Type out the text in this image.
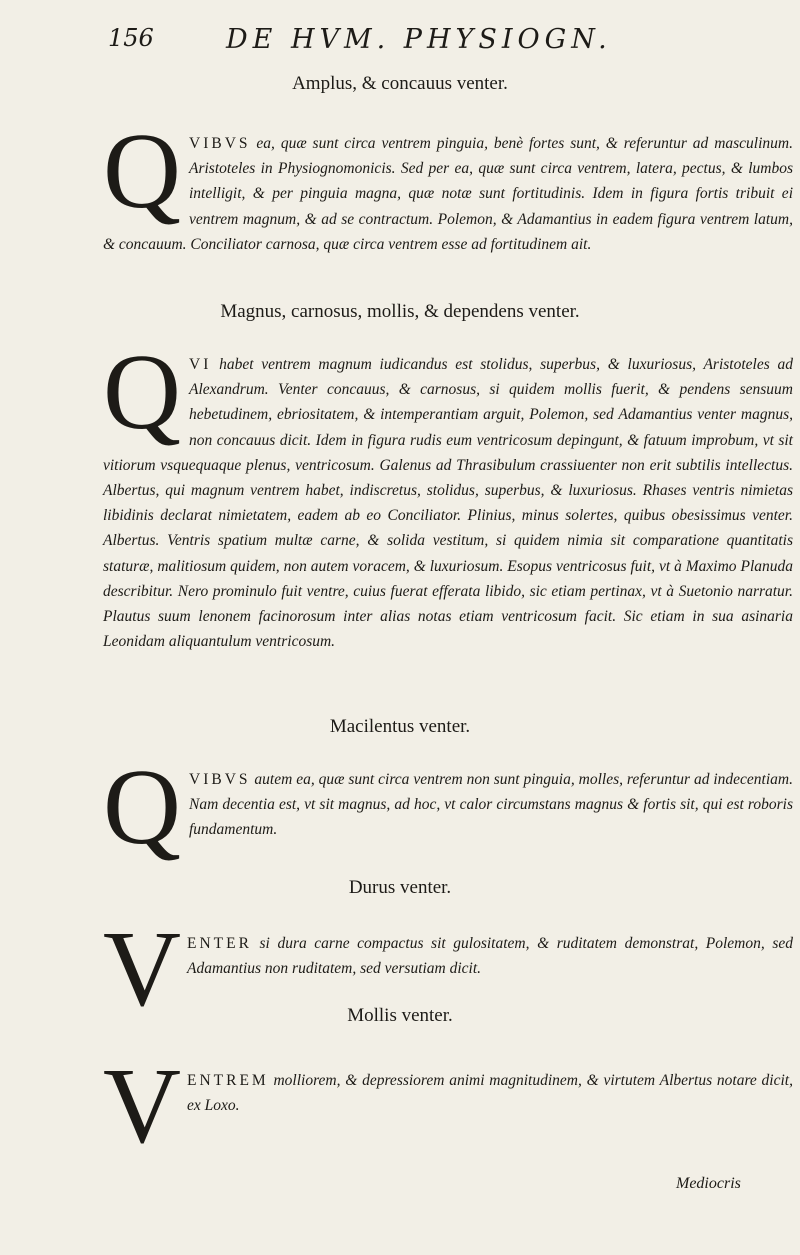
156	DE HVM. PHYSIOGN.
Amplus, & concauus venter.
QVIBVS ea, quæ sunt circa ventrem pinguia, benè fortes sunt, & referuntur ad masculinum. Aristoteles in Physiognomonicis. Sed per ea, quæ sunt circa ventrem, latera, pectus, & lumbos intelligit, & per pinguia magna, quæ notæ sunt fortitudinis. Idem in figura fortis tribuit ei ventrem magnum, & ad se contractum. Polemon, & Adamantius in eadem figura ventrem latum, & concauum. Conciliator carnosa, quæ circa ventrem esse ad fortitudinem ait.
Magnus, carnosus, mollis, & dependens venter.
QVI habet ventrem magnum iudicandus est stolidus, superbus, & luxuriosus, Aristoteles ad Alexandrum. Venter concauus, & carnosus, si quidem mollis fuerit, & pendens sensuum hebetudinem, ebriositatem, & intemperantiam arguit, Polemon, sed Adamantius venter magnus, non concauus dicit. Idem in figura rudis eum ventricosum depingunt, & fatuum improbum, vt sit vitiorum vsquequaque plenus, ventricosum. Galenus ad Thrasibulum crassiuenter non erit subtilis intellectus. Albertus, qui magnum ventrem habet, indiscretus, stolidus, superbus, & luxuriosus. Rhases ventris nimietas libidinis declarat nimietatem, eadem ab eo Conciliator. Plinius, minus solertes, quibus obesissimus venter. Albertus. Ventris spatium multæ carne, & solida vestitum, si quidem nimia sit comparatione quantitatis staturæ, malitiosum quidem, non autem voracem, & luxuriosum. Esopus ventricosus fuit, vt à Maximo Planuda describitur. Nero prominulo fuit ventre, cuius fuerat efferata libido, sic etiam pertinax, vt à Suetonio narratur. Plautus suum lenonem facinorosum inter alias notas etiam ventricosum facit. Sic etiam in sua asinaria Leonidam aliquantulum ventricosum.
Macilentus venter.
QVIBVS autem ea, quæ sunt circa ventrem non sunt pinguia, molles, referuntur ad indecentiam. Nam decentia est, vt sit magnus, ad hoc, vt calor circumstans magnus & fortis sit, qui est roboris fundamentum.
Durus venter.
VENTER si dura carne compactus sit gulositatem, & ruditatem demonstrat, Polemon, sed Adamantius non ruditatem, sed versutiam dicit.
Mollis venter.
VENTREM molliorem, & depressiorem animi magnitudinem, & virtutem Albertus notare dicit, ex Loxo.
Mediocris
